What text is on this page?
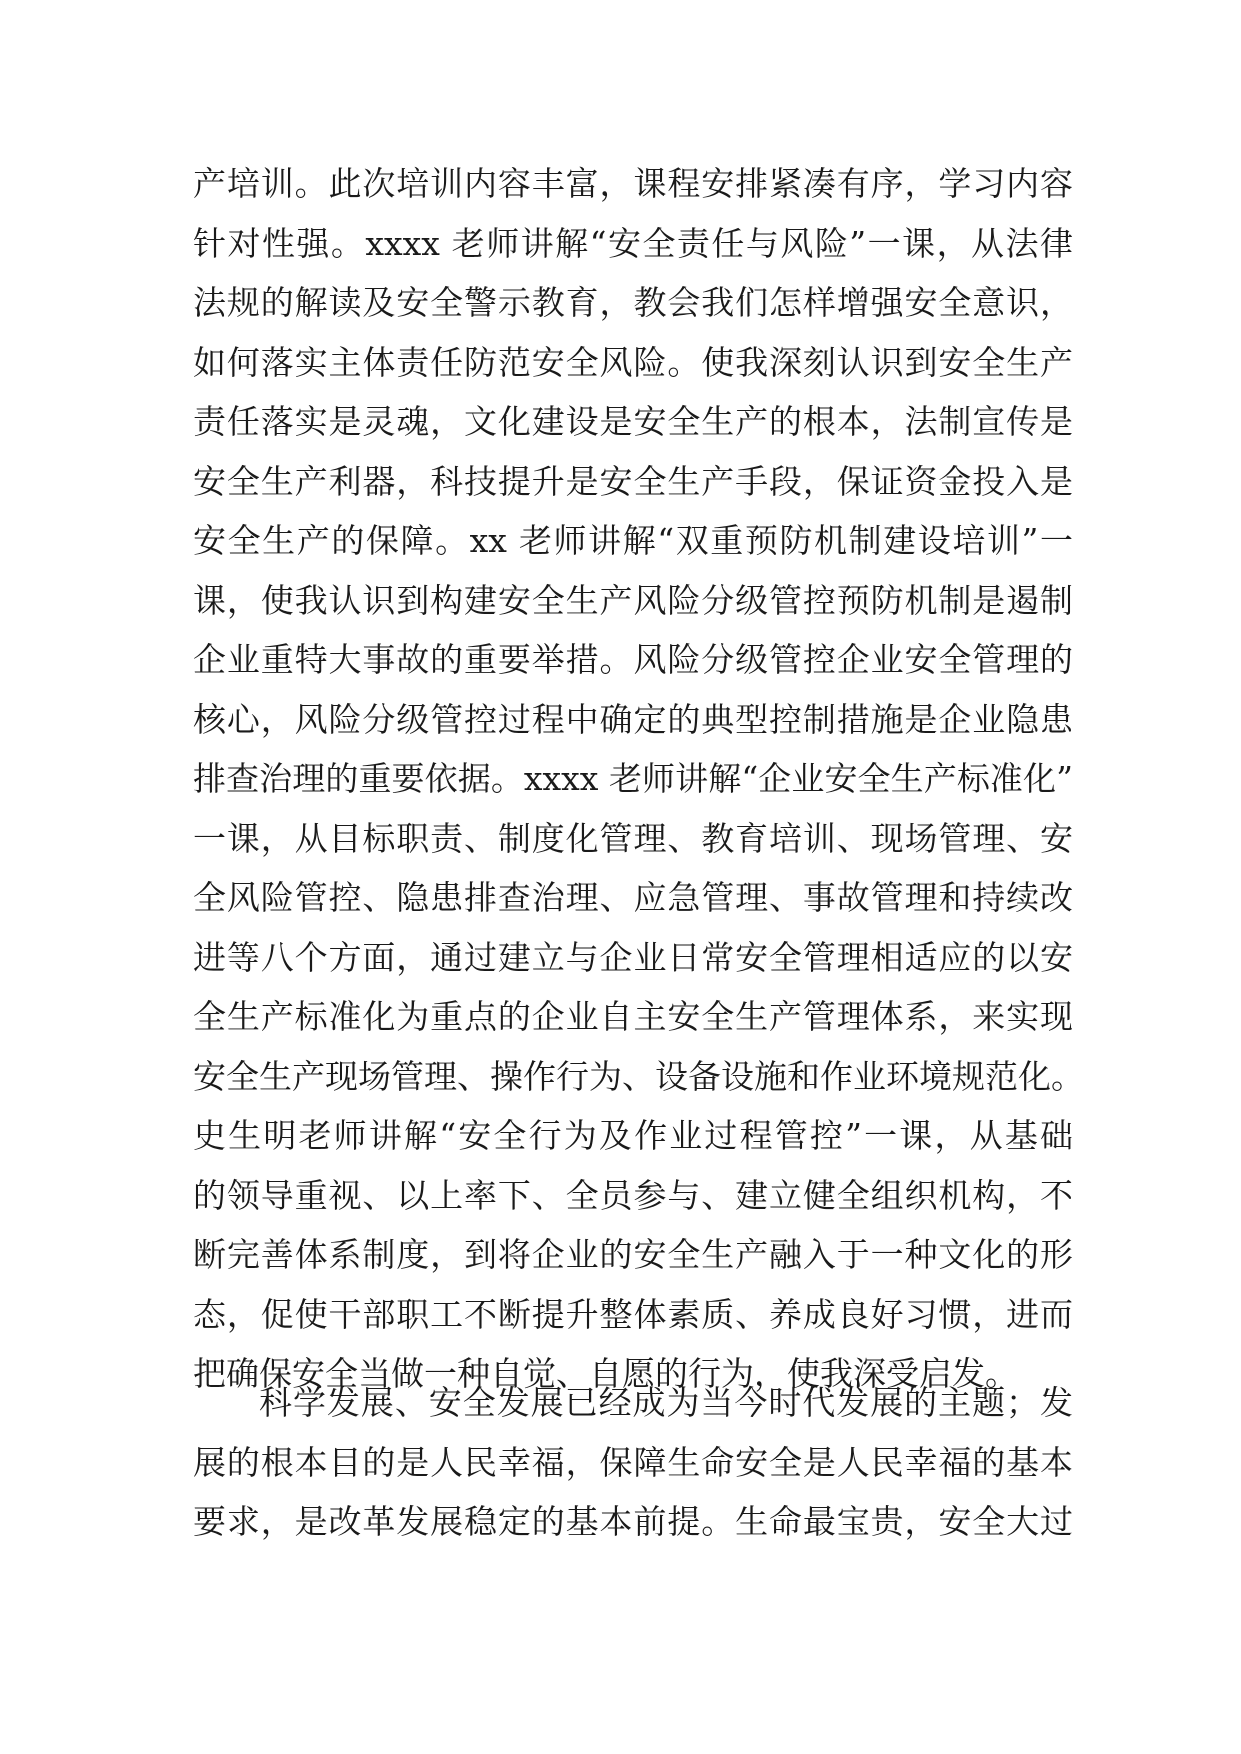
产培训。此次培训内容丰富，课程安排紧凑有序，学习内容
针对性强。xxxx 老师讲解“安全责任与风险”一课，从法律
法规的解读及安全警示教育，教会我们怎样增强安全意识，
如何落实主体责任防范安全风险。使我深刻认识到安全生产
责任落实是灵魂，文化建设是安全生产的根本，法制宣传是
安全生产利器，科技提升是安全生产手段，保证资金投入是
安全生产的保障。xx 老师讲解“双重预防机制建设培训”一
课，使我认识到构建安全生产风险分级管控预防机制是遏制
企业重特大事故的重要举措。风险分级管控企业安全管理的
核心，风险分级管控过程中确定的典型控制措施是企业隐患
排查治理的重要依据。xxxx 老师讲解“企业安全生产标准化”
一课，从目标职责、制度化管理、教育培训、现场管理、安
全风险管控、隐患排查治理、应急管理、事故管理和持续改
进等八个方面，通过建立与企业日常安全管理相适应的以安
全生产标准化为重点的企业自主安全生产管理体系，来实现
安全生产现场管理、操作行为、设备设施和作业环境规范化。
史生明老师讲解“安全行为及作业过程管控”一课，从基础
的领导重视、以上率下、全员参与、建立健全组织机构，不
断完善体系制度，到将企业的安全生产融入于一种文化的形
态，促使干部职工不断提升整体素质、养成良好习惯，进而
把确保安全当做一种自觉、自愿的行为，使我深受启发。
科学发展、安全发展已经成为当今时代发展的主题；发
展的根本目的是人民幸福，保障生命安全是人民幸福的基本
要求，是改革发展稳定的基本前提。生命最宝贵，安全大过
